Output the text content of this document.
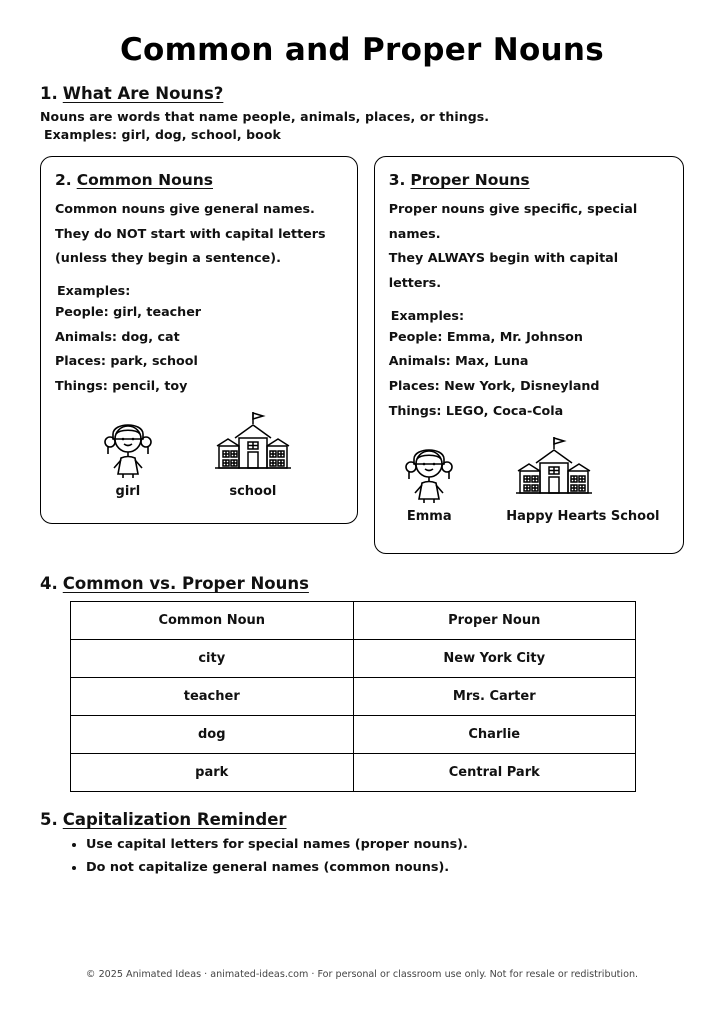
Common and Proper Nouns
1. What Are Nouns?
Nouns are words that name people, animals, places, or things.
Examples: girl, dog, school, book
2. Common Nouns

Common nouns give general names.

They do NOT start with capital letters

(unless they begin a sentence).

Examples:

People: girl, teacher

Animals: dog, cat

Places: park, school

Things: pencil, toy

girl	school
3. Proper Nouns

Proper nouns give specific, special

names.

They ALWAYS begin with capital

letters.

Examples:

People: Emma, Mr. Johnson

Animals: Max, Luna

Places: New York, Disneyland

Things: LEGO, Coca-Cola

Emma	Happy Hearts School
4. Common vs. Proper Nouns
Common Noun	Proper Noun
city	New York City
teacher	Mrs. Carter
dog	Charlie
park	Central Park
5. Capitalization Reminder
• Use capital letters for special names (proper nouns).
• Do not capitalize general names (common nouns).
© 2025 Animated Ideas · animated-ideas.com · For personal or classroom use only. Not for resale or redistribution.
